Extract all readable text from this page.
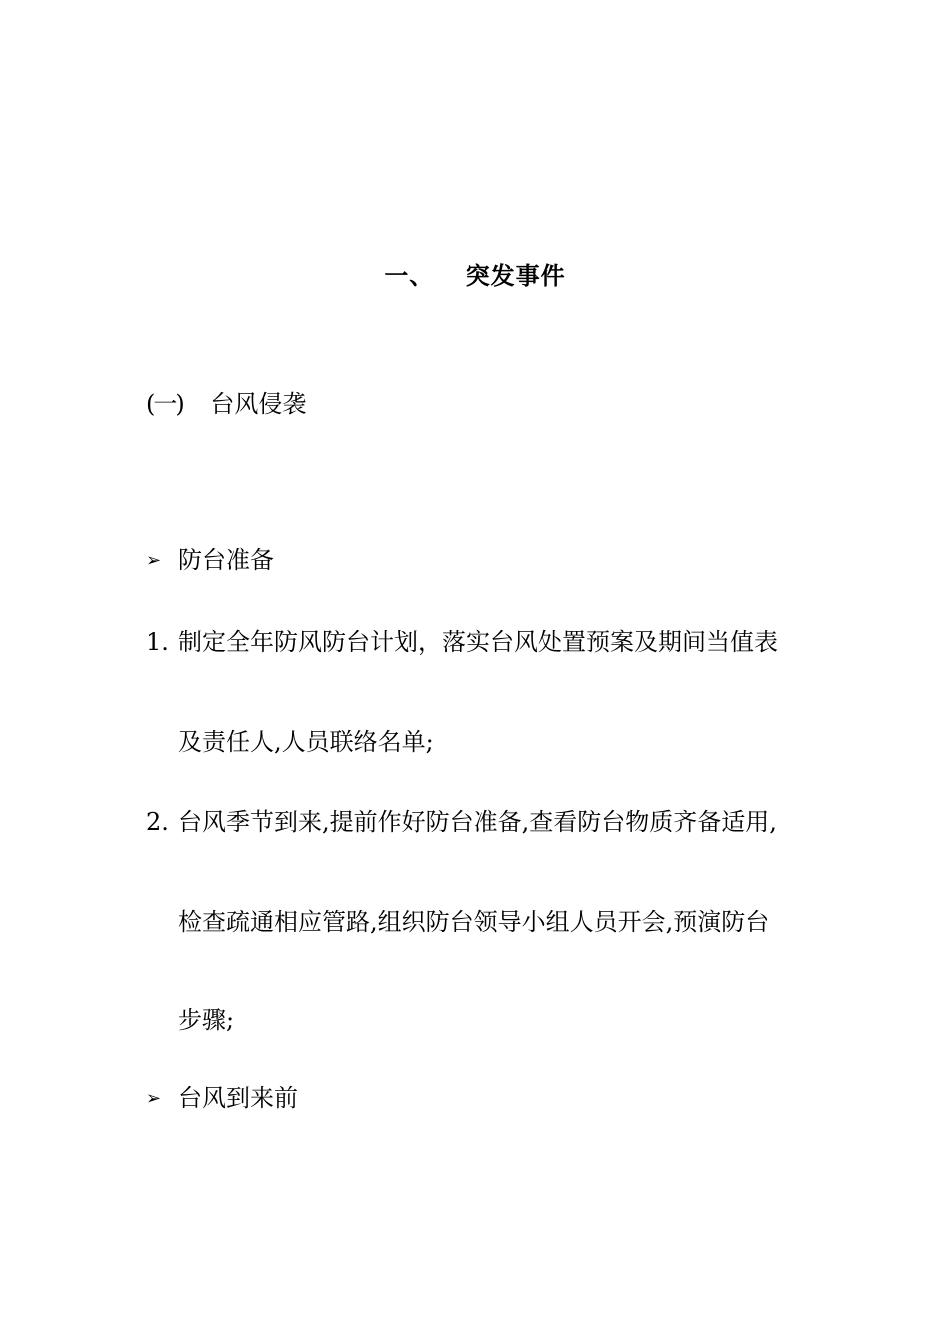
一、 突发事件
(一) 台风侵袭
➢ 防台准备
1. 制定全年防风防台计划，落实台风处置预案及期间当值表
及责任人,人员联络名单;
2. 台风季节到来,提前作好防台准备,查看防台物质齐备适用,
检查疏通相应管路,组织防台领导小组人员开会,预演防台
步骤;
➢ 台风到来前
